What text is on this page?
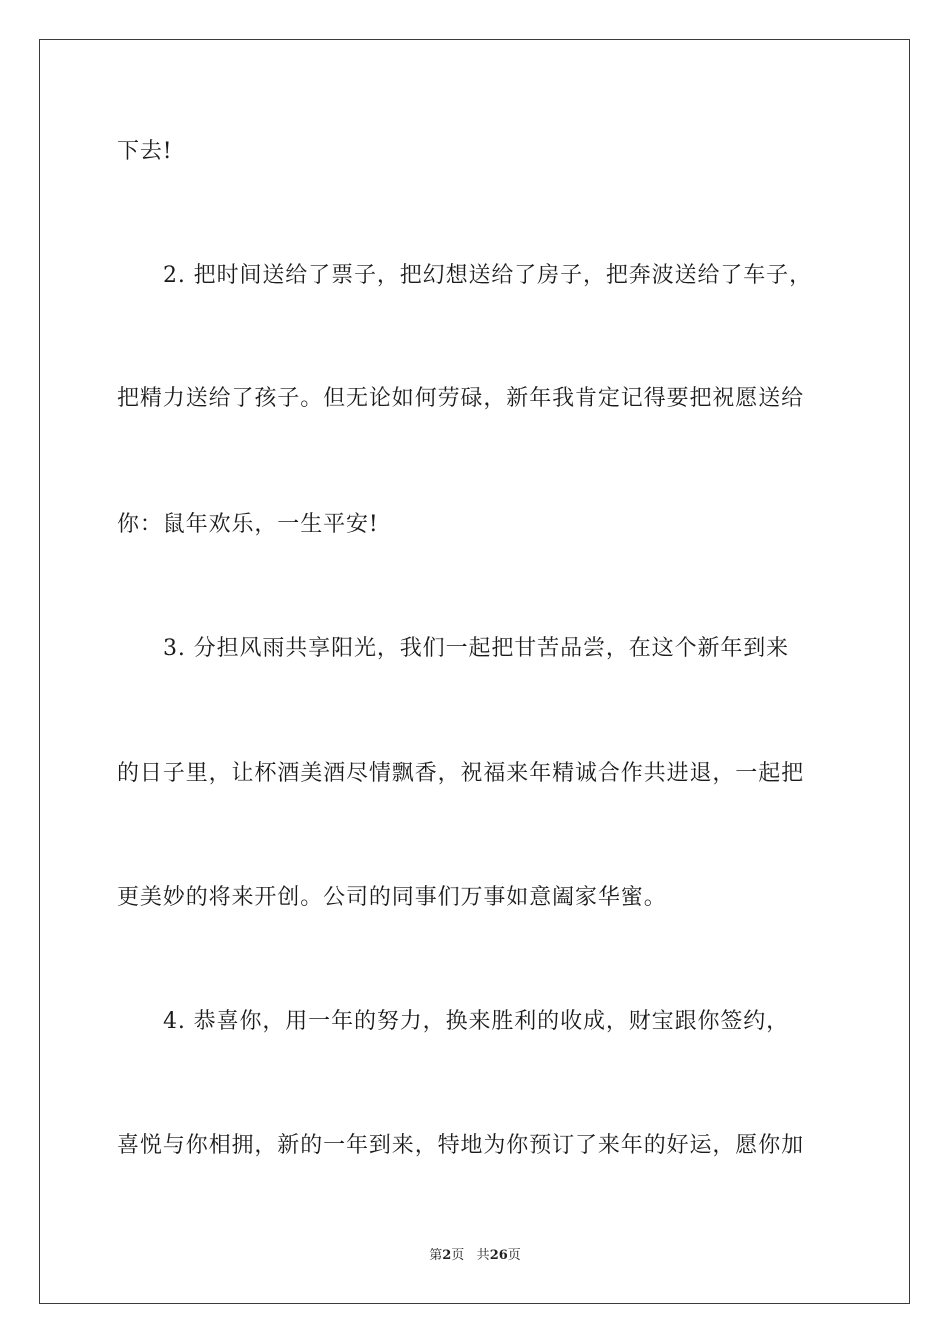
下去!
2. 把时间送给了票子，把幻想送给了房子，把奔波送给了车子，
把精力送给了孩子。但无论如何劳碌，新年我肯定记得要把祝愿送给
你：鼠年欢乐，一生平安!
3. 分担风雨共享阳光，我们一起把甘苦品尝，在这个新年到来
的日子里，让杯酒美酒尽情飘香，祝福来年精诚合作共进退，一起把
更美妙的将来开创。公司的同事们万事如意阖家华蜜。
4. 恭喜你，用一年的努力，换来胜利的收成，财宝跟你签约，
喜悦与你相拥，新的一年到来，特地为你预订了来年的好运，愿你加
第2页 共26页
